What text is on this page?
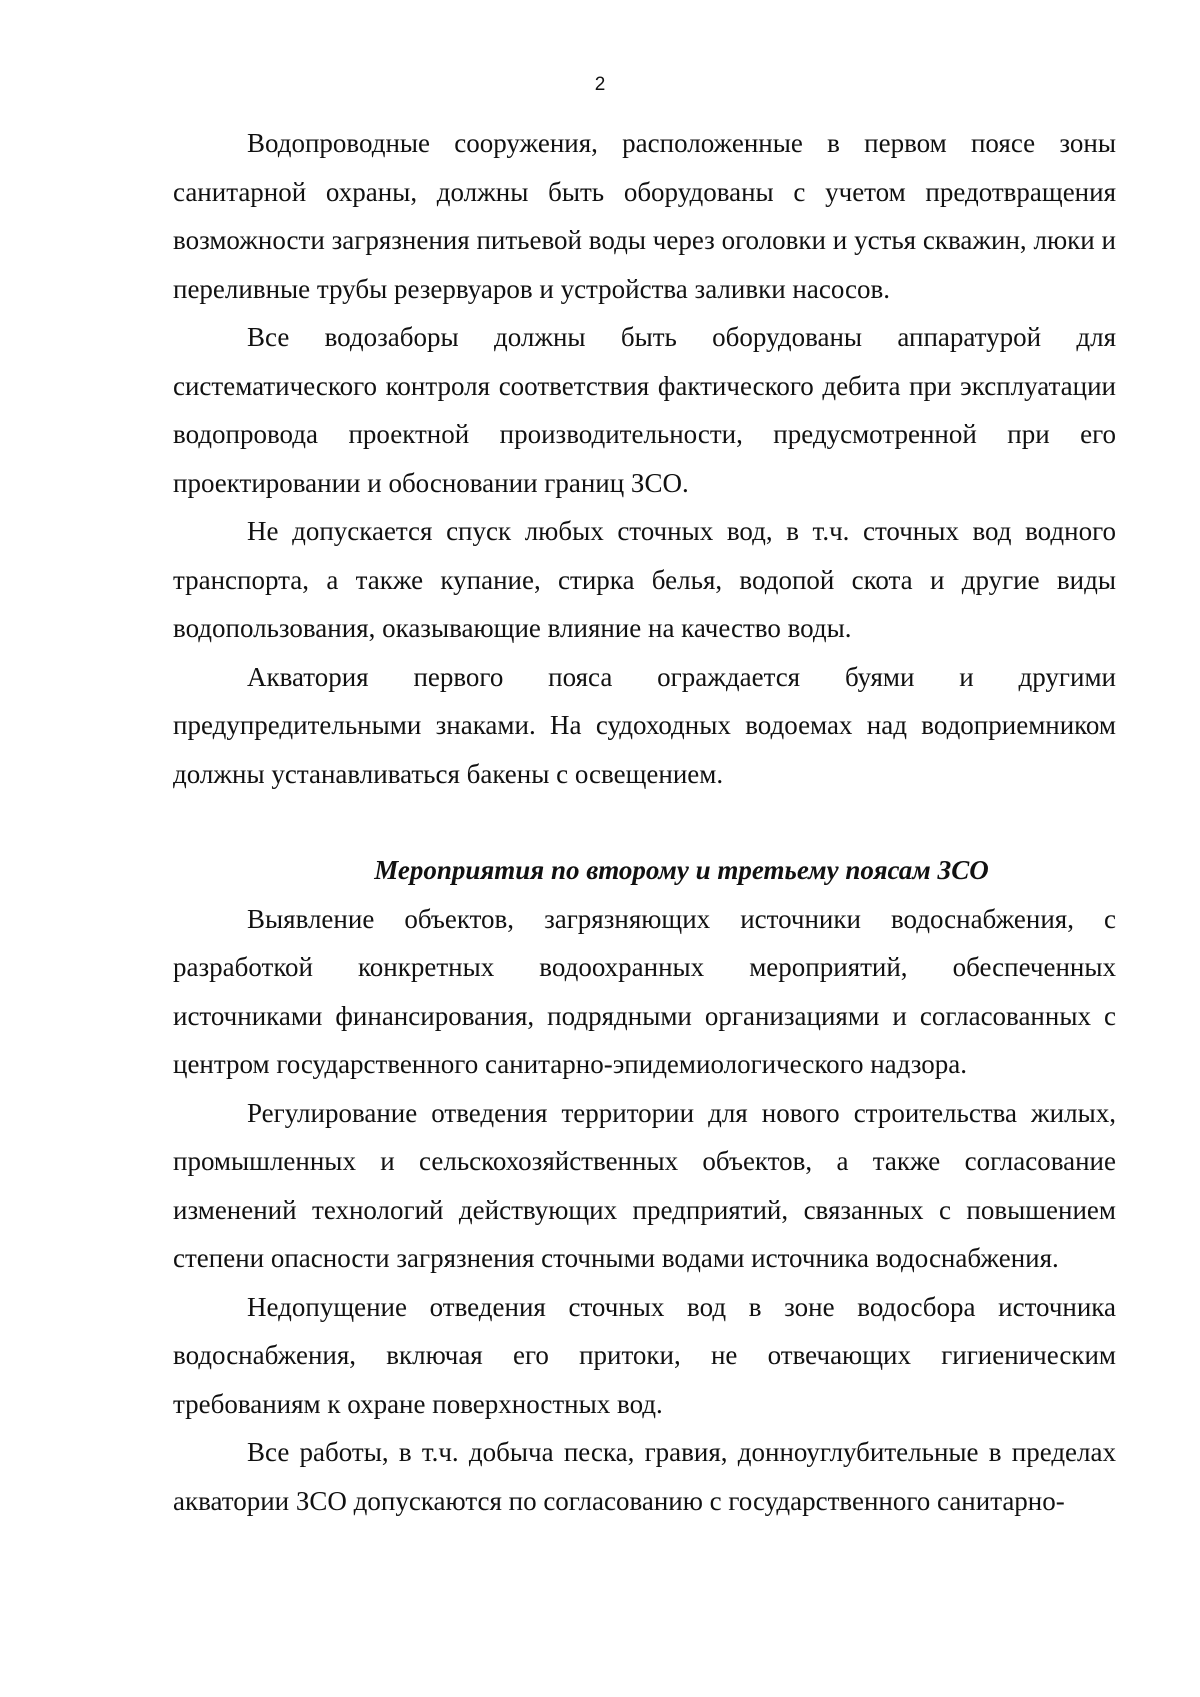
2

Водопроводные сооружения, расположенные в первом поясе зоны санитарной охраны, должны быть оборудованы с учетом предотвращения возможности загрязнения питьевой воды через оголовки и устья скважин, люки и переливные трубы резервуаров и устройства заливки насосов.

Все водозаборы должны быть оборудованы аппаратурой для систематического контроля соответствия фактического дебита при эксплуатации водопровода проектной производительности, предусмотренной при его проектировании и обосновании границ ЗСО.

Не допускается спуск любых сточных вод, в т.ч. сточных вод водного транспорта, а также купание, стирка белья, водопой скота и другие виды водопользования, оказывающие влияние на качество воды.

Акватория первого пояса ограждается буями и другими предупредительными знаками. На судоходных водоемах над водоприемником должны устанавливаться бакены с освещением.

Мероприятия по второму и третьему поясам ЗСО

Выявление объектов, загрязняющих источники водоснабжения, с разработкой конкретных водоохранных мероприятий, обеспеченных источниками финансирования, подрядными организациями и согласованных с центром государственного санитарно-эпидемиологического надзора.

Регулирование отведения территории для нового строительства жилых, промышленных и сельскохозяйственных объектов, а также согласование изменений технологий действующих предприятий, связанных с повышением степени опасности загрязнения сточными водами источника водоснабжения.

Недопущение отведения сточных вод в зоне водосбора источника водоснабжения, включая его притоки, не отвечающих гигиеническим требованиям к охране поверхностных вод.

Все работы, в т.ч. добыча песка, гравия, донноуглубительные в пределах акватории ЗСО допускаются по согласованию с государственного санитарно-
